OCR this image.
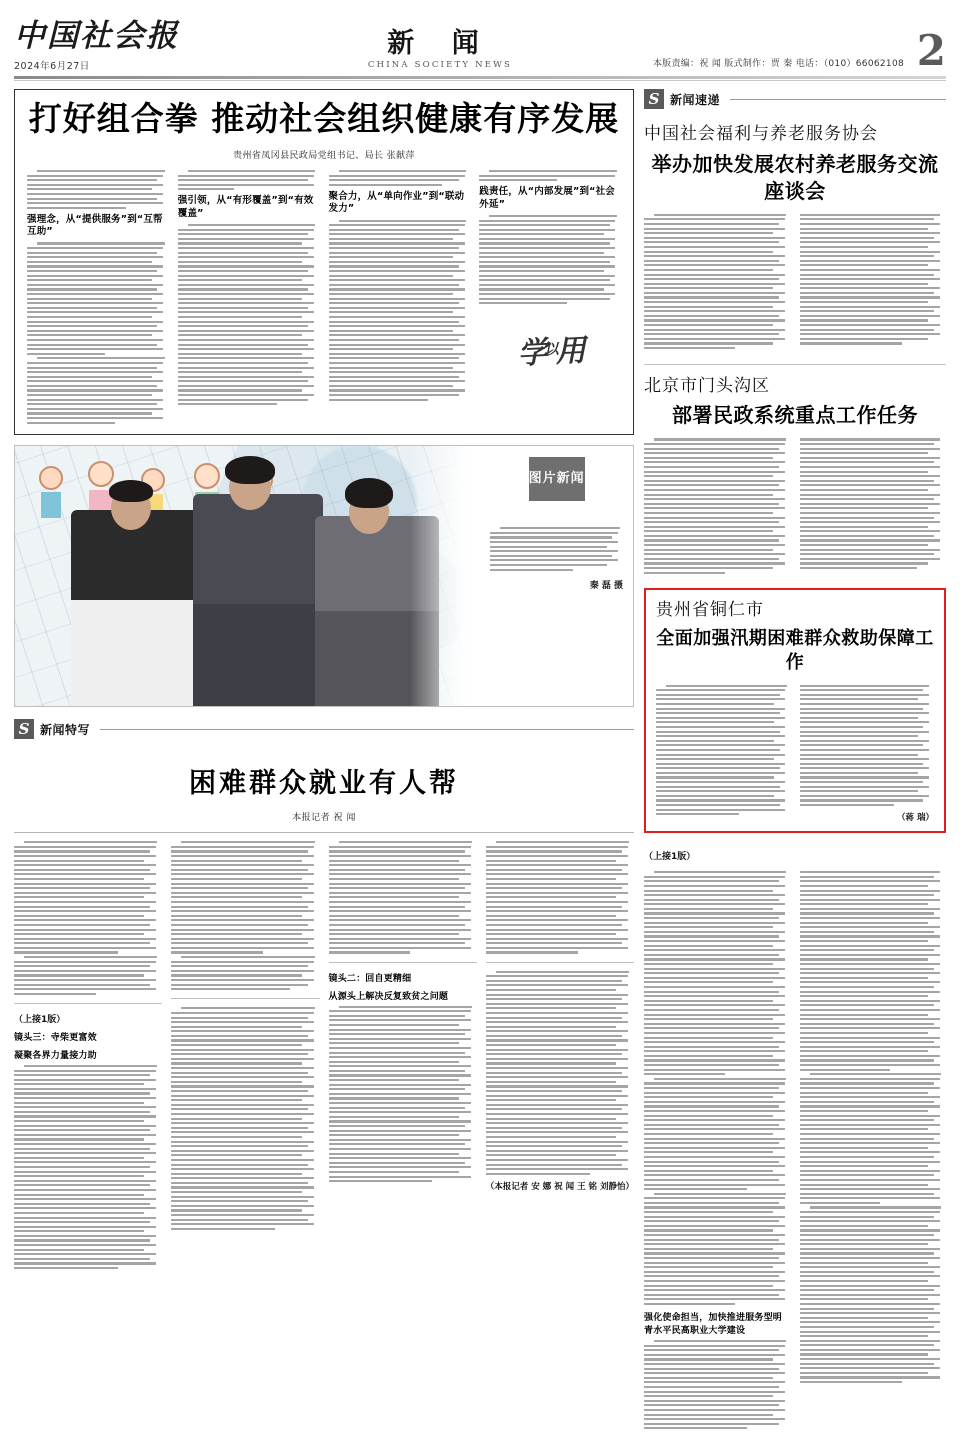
中国社会报
2024年6月27日
新 闻
CHINA SOCIETY NEWS	本版责编：祝 闻 版式制作：贾 秦 电话：（010）66062108 2
打好组合拳 推动社会组织健康有序发展
贵州省凤冈县民政局党组书记、局长 张献萍
强理念，从“提供服务”到“互帮互助”
强引领，从“有形覆盖”到“有效覆盖”
聚合力，从“单向作业”到“联动发力”
践责任，从“内部发展”到“社会外延”
学
以
用
图片新闻
秦 磊 摄
S 新闻特写
困难群众就业有人帮
本报记者 祝 闻
（上接1版）
镜头三：寺柴更富效
凝聚各界力量接力助
镜头二：回自更精细
从源头上解决反复致贫之问题
（本报记者 安 娜 祝 闻 王 铭 刘静怡）
S 新闻速递
中国社会福利与养老服务协会
举办加快发展农村养老服务交流座谈会
北京市门头沟区
部署民政系统重点工作任务
贵州省铜仁市
全面加强汛期困难群众救助保障工作
（蒋 瑞）
（上接1版）
强化使命担当，加快推进服务型明青水平民高职业大学建设
